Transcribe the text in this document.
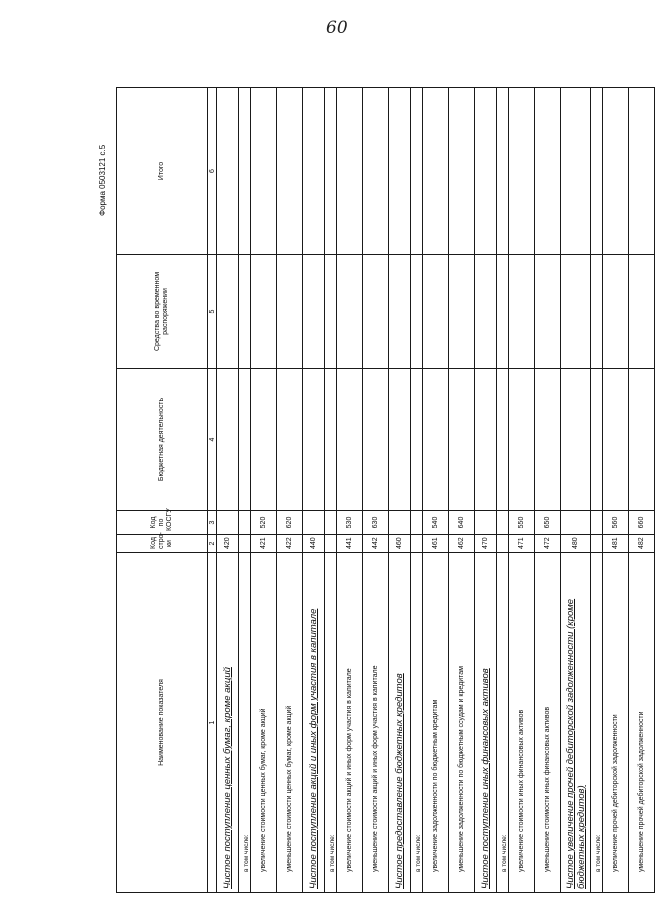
60
Форма 0503121 с.5
Наименование показателя	Код стро-ки	Код по КОСГУ	Бюджетная деятельность	Средства во временном распоряжении	Итого
1	2	3	4	5	6
Чистое поступление ценных бумаг, кроме акций	420				
в том числе:					
увеличение стоимости ценных бумаг, кроме акций	421	520			
уменьшение стоимости ценных бумаг, кроме акций	422	620			
Чистое поступление акций и иных форм участия в капитале	440				
в том числе:					
увеличение стоимости акций и иных форм участия в капитале	441	530			
уменьшение стоимости акций и иных форм участия в капитале	442	630			
Чистое предоставление бюджетных кредитов	460				
в том числе:					
увеличение задолженности по бюджетным кредитам	461	540			
уменьшение задолженности по бюджетным ссудам и кредитам	462	640			
Чистое поступление иных финансовых активов	470				
в том числе:					
увеличение стоимости иных финансовых активов	471	550			
уменьшение стоимости иных финансовых активов	472	650			
Чистое увеличение прочей дебиторской задолженности (кроме бюджетных кредитов)	480				
в том числе:					
увеличение прочей дебиторской задолженности	481	560			
уменьшение прочей дебиторской задолженности	482	660			
